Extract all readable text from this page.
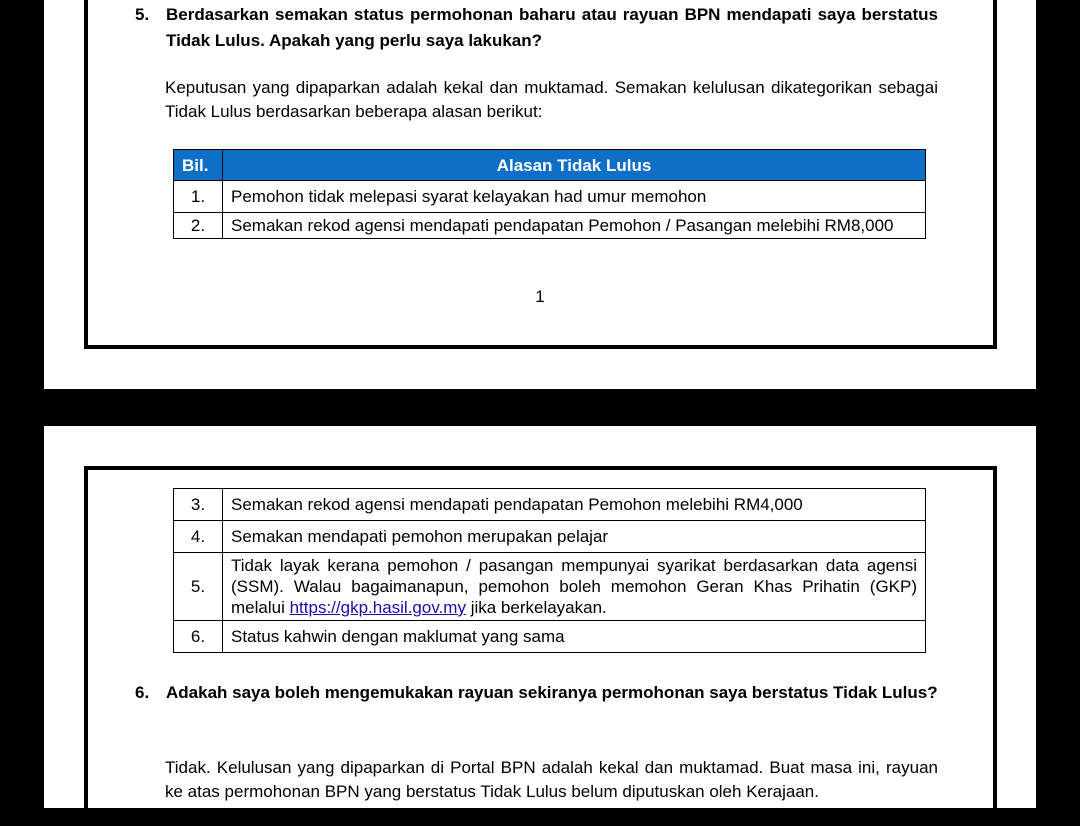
5. Berdasarkan semakan status permohonan baharu atau rayuan BPN mendapati saya berstatus Tidak Lulus. Apakah yang perlu saya lakukan?
Keputusan yang dipaparkan adalah kekal dan muktamad. Semakan kelulusan dikategorikan sebagai Tidak Lulus berdasarkan beberapa alasan berikut:
Bil.	Alasan Tidak Lulus
1.	Pemohon tidak melepasi syarat kelayakan had umur memohon
2.	Semakan rekod agensi mendapati pendapatan Pemohon / Pasangan melebihi RM8,000
1
3.	Semakan rekod agensi mendapati pendapatan Pemohon melebihi RM4,000
4.	Semakan mendapati pemohon merupakan pelajar
5.	Tidak layak kerana pemohon / pasangan mempunyai syarikat berdasarkan data agensi (SSM). Walau bagaimanapun, pemohon boleh memohon Geran Khas Prihatin (GKP) melalui https://gkp.hasil.gov.my jika berkelayakan.
6.	Status kahwin dengan maklumat yang sama
6. Adakah saya boleh mengemukakan rayuan sekiranya permohonan saya berstatus Tidak Lulus?
Tidak. Kelulusan yang dipaparkan di Portal BPN adalah kekal dan muktamad. Buat masa ini, rayuan ke atas permohonan BPN yang berstatus Tidak Lulus belum diputuskan oleh Kerajaan.
